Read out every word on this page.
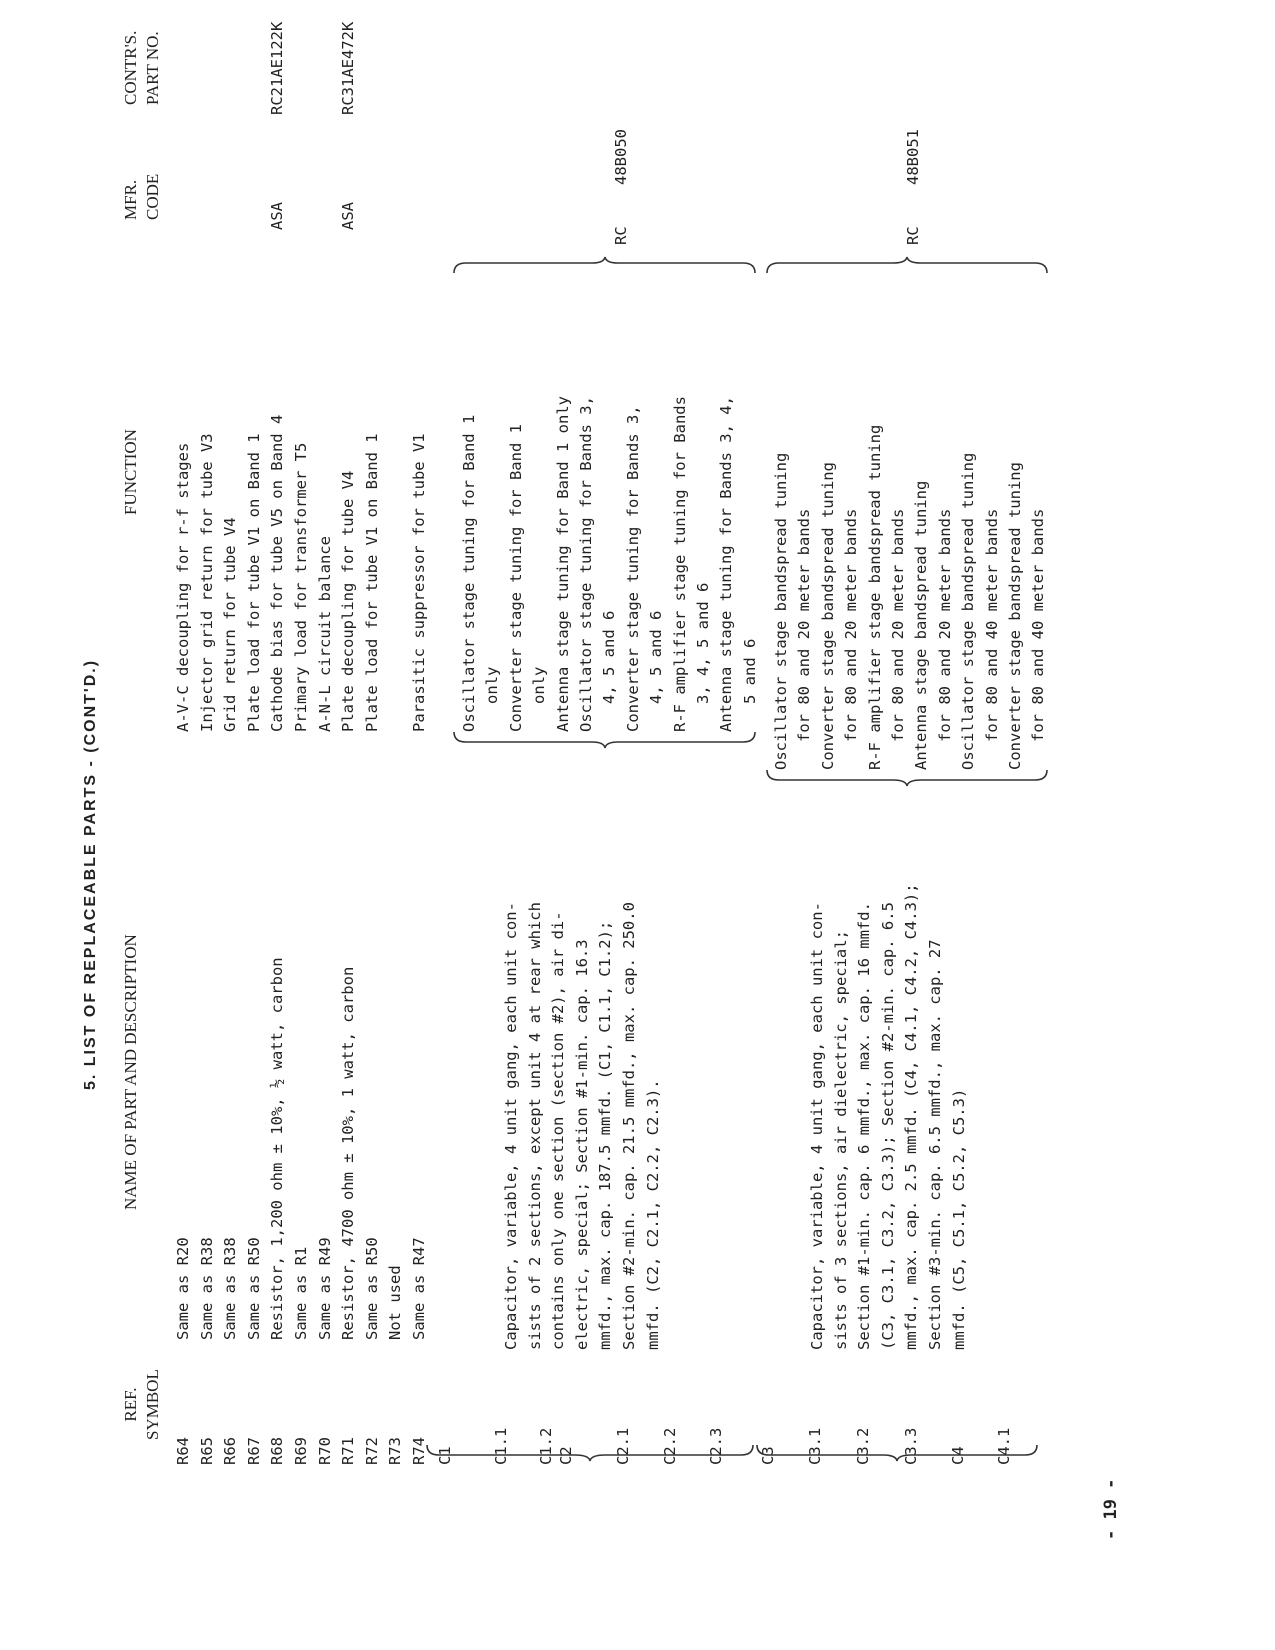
5. LIST OF REPLACEABLE PARTS - (CONT'D.)
REF. SYMBOL
NAME OF PART AND DESCRIPTION
FUNCTION
MFR. CODE
CONTR'S. PART NO.
R64
Same as R20
A-V-C decoupling for r-f stages
R65
Same as R38
Injector grid return for tube V3
R66
Same as R38
Grid return for tube V4
R67
Same as R50
Plate load for tube V1 on Band 1
R68
Resistor, 1,200 ohm ± 10%, ½ watt, carbon
Cathode bias for tube V5 on Band 4
ASA
RC21AE122K
R69
Same as R1
Primary load for transformer T5
R70
Same as R49
A-N-L circuit balance
R71
Resistor, 4700 ohm ± 10%, 1 watt, carbon
Plate decoupling for tube V4
ASA
RC31AE472K
R72
Same as R50
Plate load for tube V1 on Band 1
R73
Not used
R74
Same as R47
Parasitic suppressor for tube V1
C1 C1.1 C1.2 C2	C2.1 C2.2 C2.3
Capacitor, variable, 4 unit gang, each unit con- sists of 2 sections, except unit 4 at rear which contains only one section (section #2), air di- electric, special; Section #1-min. cap. 16.3 mmfd., max. cap. 187.5 mmfd. (C1, C1.1, C1.2); Section #2-min. cap. 21.5 mmfd., max. cap. 250.0 mmfd. (C2, C2.1, C2.2, C2.3).
Oscillator stage tuning for Band 1 only Converter stage tuning for Band 1 only Antenna stage tuning for Band 1 only Oscillator stage tuning for Bands 3, 4, 5 and 6 Converter stage tuning for Bands 3, 4, 5 and 6 R-F amplifier stage tuning for Bands 3, 4, 5 and 6 Antenna stage tuning for Bands 3, 4, 5 and 6
RC
48B050
C3 C3.1 C3.2 C3.3 C4 C4.1
Capacitor, variable, 4 unit gang, each unit con- sists of 3 sections, air dielectric, special; Section #1-min. cap. 6 mmfd., max. cap. 16 mmfd. (C3, C3.1, C3.2, C3.3); Section #2-min. cap. 6.5 mmfd., max. cap. 2.5 mmfd. (C4, C4.1, C4.2, C4.3); Section #3-min. cap. 6.5 mmfd., max. cap. 27 mmfd. (C5, C5.1, C5.2, C5.3)
Oscillator stage bandspread tuning for 80 and 20 meter bands Converter stage bandspread tuning for 80 and 20 meter bands R-F amplifier stage bandspread tuning for 80 and 20 meter bands Antenna stage bandspread tuning for 80 and 20 meter bands Oscillator stage bandspread tuning for 80 and 40 meter bands Converter stage bandspread tuning for 80 and 40 meter bands
RC
48B051
- 19 -
